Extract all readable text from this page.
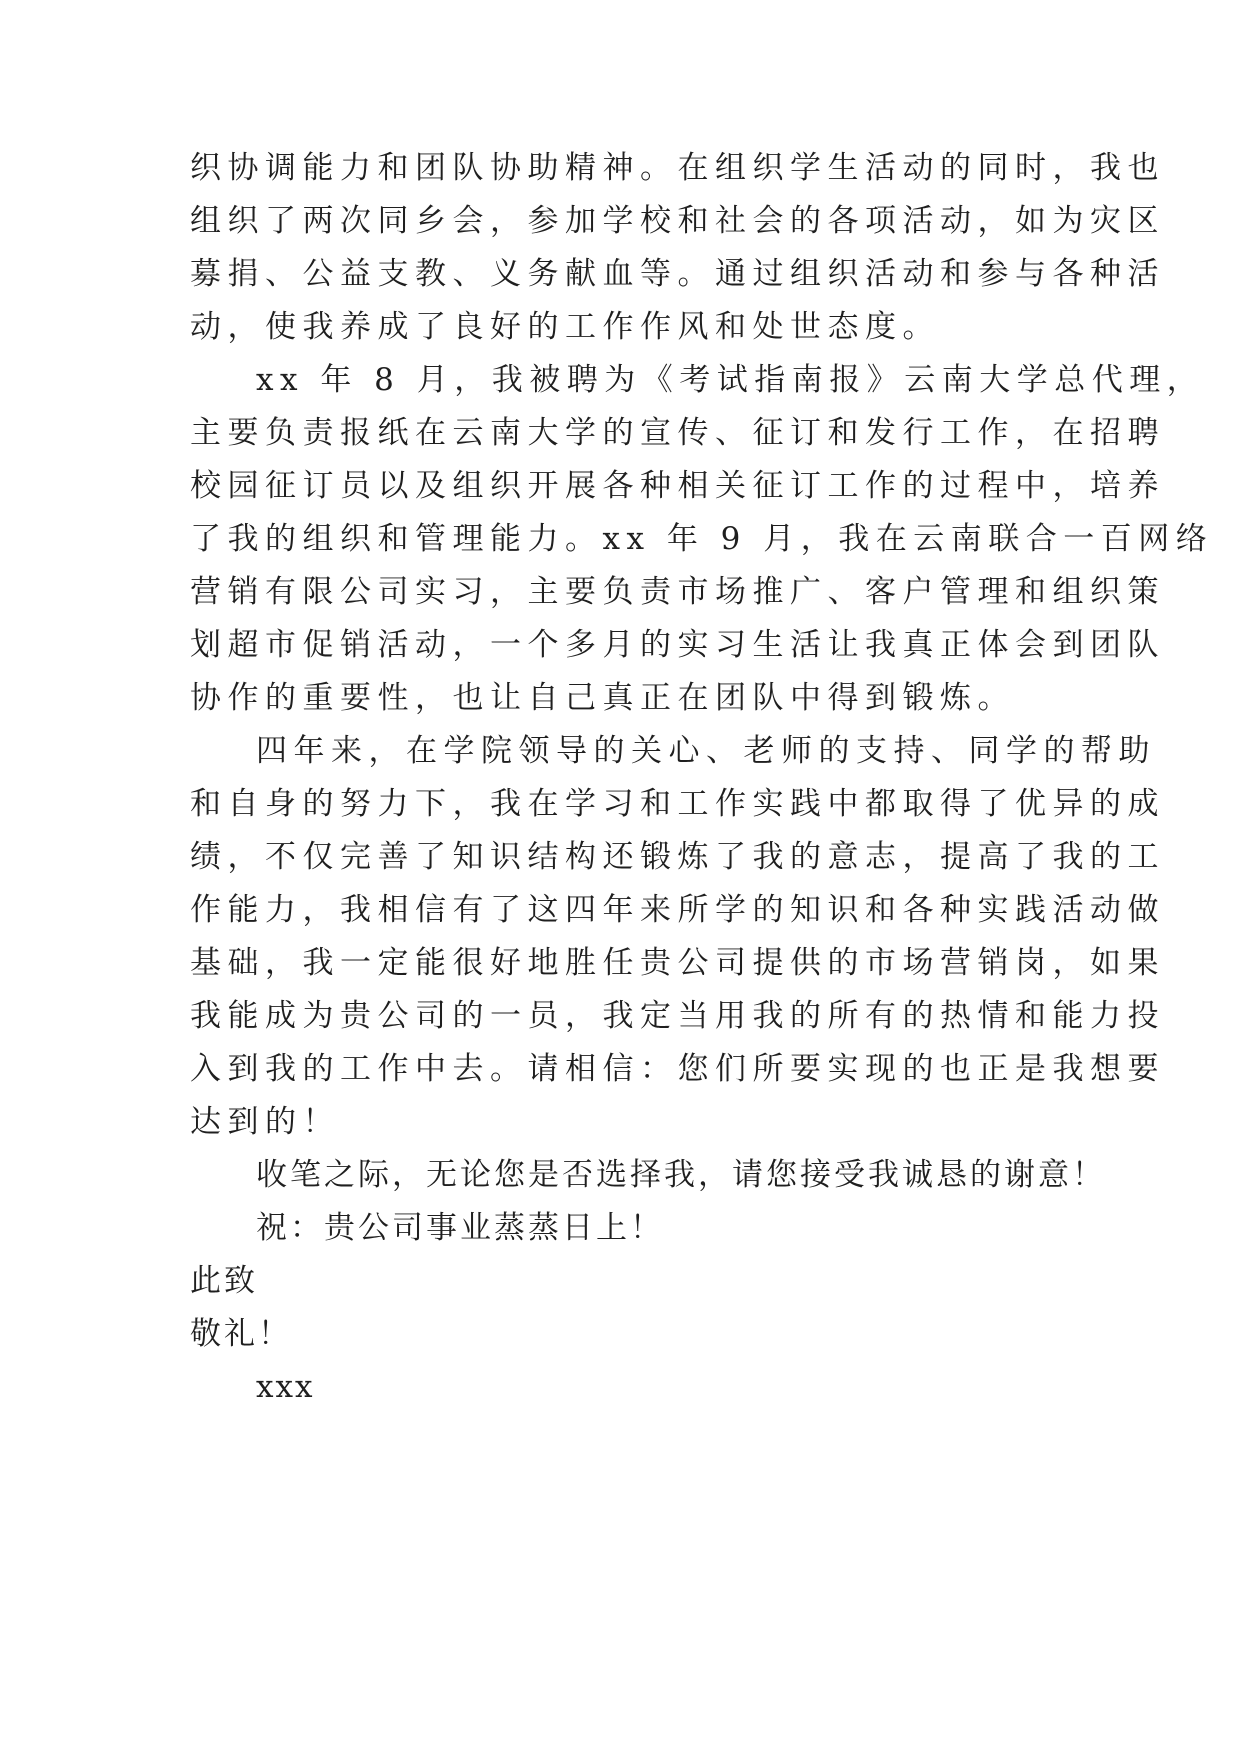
织协调能力和团队协助精神。在组织学生活动的同时，我也
组织了两次同乡会，参加学校和社会的各项活动，如为灾区
募捐、公益支教、义务献血等。通过组织活动和参与各种活
动，使我养成了良好的工作作风和处世态度。
xx 年 8 月，我被聘为《考试指南报》云南大学总代理，
主要负责报纸在云南大学的宣传、征订和发行工作，在招聘
校园征订员以及组织开展各种相关征订工作的过程中，培养
了我的组织和管理能力。xx 年 9 月，我在云南联合一百网络
营销有限公司实习，主要负责市场推广、客户管理和组织策
划超市促销活动，一个多月的实习生活让我真正体会到团队
协作的重要性，也让自己真正在团队中得到锻炼。
四年来，在学院领导的关心、老师的支持、同学的帮助
和自身的努力下，我在学习和工作实践中都取得了优异的成
绩，不仅完善了知识结构还锻炼了我的意志，提高了我的工
作能力，我相信有了这四年来所学的知识和各种实践活动做
基础，我一定能很好地胜任贵公司提供的市场营销岗，如果
我能成为贵公司的一员，我定当用我的所有的热情和能力投
入到我的工作中去。请相信：您们所要实现的也正是我想要
达到的！
收笔之际，无论您是否选择我，请您接受我诚恳的谢意！
祝：贵公司事业蒸蒸日上！
此致
敬礼！
xxx
